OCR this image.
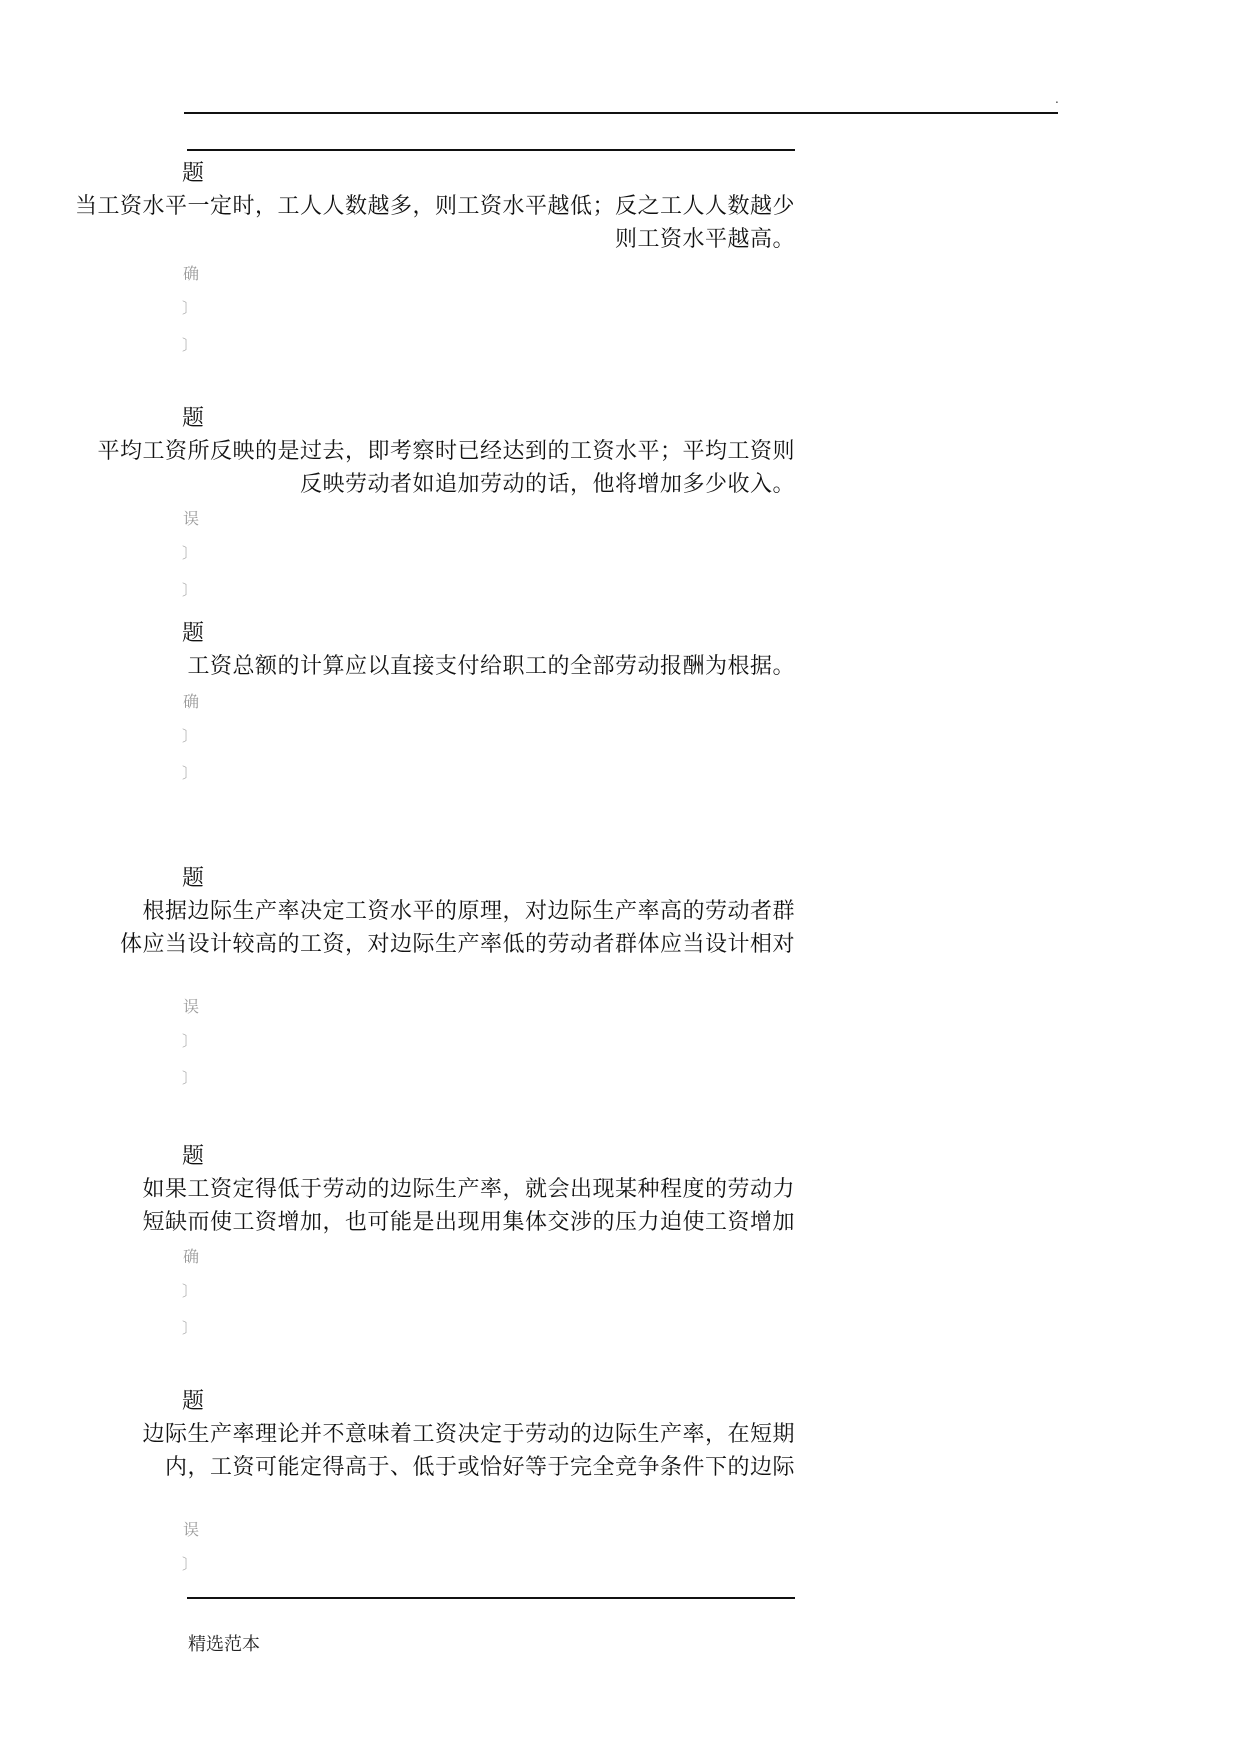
.
题
当工资水平一定时，工人人数越多，则工资水平越低；反之工人人数越少
则工资水平越高。
确
〕
〕
题
平均工资所反映的是过去，即考察时已经达到的工资水平；平均工资则
反映劳动者如追加劳动的话，他将增加多少收入。
误
〕
〕
题
工资总额的计算应以直接支付给职工的全部劳动报酬为根据。
确
〕
〕
题
根据边际生产率决定工资水平的原理，对边际生产率高的劳动者群
体应当设计较高的工资，对边际生产率低的劳动者群体应当设计相对
误
〕
〕
题
如果工资定得低于劳动的边际生产率，就会出现某种程度的劳动力
短缺而使工资增加，也可能是出现用集体交涉的压力迫使工资增加
确
〕
〕
题
边际生产率理论并不意味着工资决定于劳动的边际生产率，在短期
内，工资可能定得高于、低于或恰好等于完全竞争条件下的边际
误
〕
精选范本
